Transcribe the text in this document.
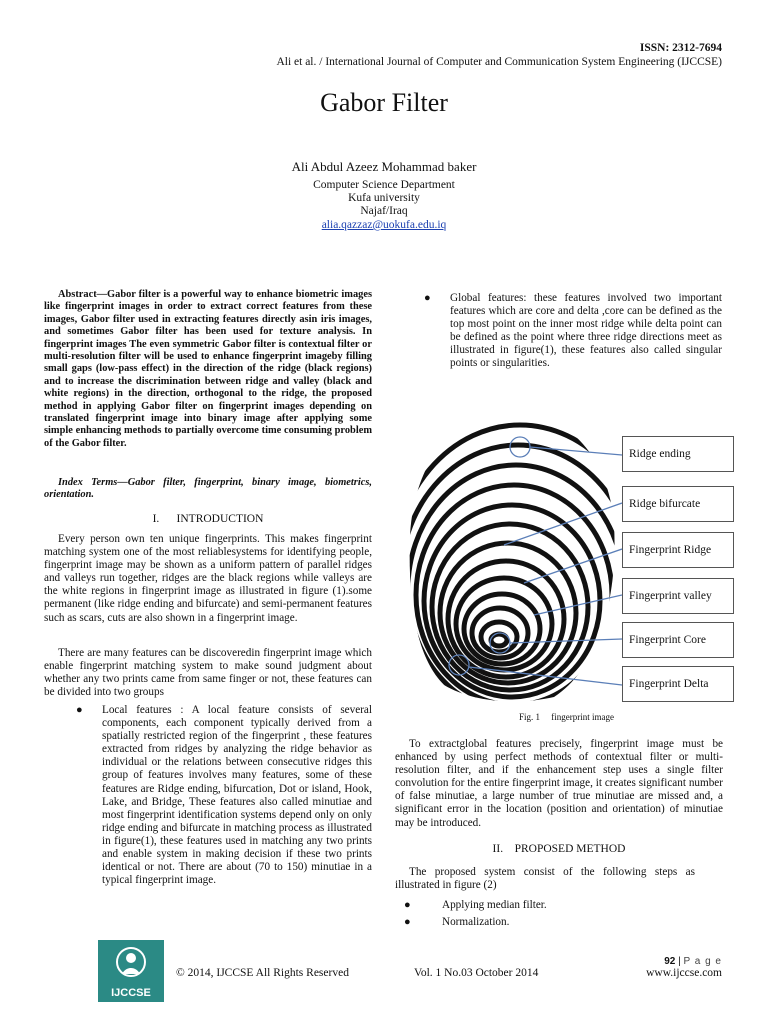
ISSN: 2312-7694
Ali et al. / International Journal of Computer and Communication System Engineering (IJCCSE)
Gabor Filter
Ali Abdul Azeez Mohammad baker
Computer Science Department
Kufa university
Najaf/Iraq
alia.qazzaz@uokufa.edu.iq
Abstract—Gabor filter is a powerful way to enhance biometric images like fingerprint images in order to extract correct features from these images, Gabor filter used in extracting features directly asin iris images, and sometimes Gabor filter has been used for texture analysis. In fingerprint images The even symmetric Gabor filter is contextual filter or multi-resolution filter will be used to enhance fingerprint imageby filling small gaps (low-pass effect) in the direction of the ridge (black regions) and to increase the discrimination between ridge and valley (black and white regions) in the direction, orthogonal to the ridge, the proposed method in applying Gabor filter on fingerprint images depending on translated fingerprint image into binary image after applying some simple enhancing methods to partially overcome time consuming problem of the Gabor filter.
Index Terms—Gabor filter, fingerprint, binary image, biometrics, orientation.
I.      INTRODUCTION
Every person own ten unique fingerprints. This makes fingerprint matching system one of the most reliablesystems for identifying people, fingerprint image may be shown as a uniform pattern of parallel ridges and valleys run together, ridges are the black regions while valleys are the white regions in fingerprint image as illustrated in figure (1).some permanent (like ridge ending and bifurcate) and semi-permanent features such as scars, cuts are also shown in a fingerprint image.
There are many features can be discoveredin fingerprint image which enable fingerprint matching system to make sound judgment about whether any two prints came from same finger or not, these features can be divided into two groups
● Local features : A local feature consists of several components, each component typically derived from a spatially restricted region of the fingerprint , these features extracted from ridges by analyzing the ridge behavior as individual or the relations between consecutive ridges this group of features involves many features, some of these features are Ridge ending, bifurcation, Dot or island, Hook, Lake, and Bridge, These features also called minutiae and most fingerprint identification systems depend only on only ridge ending and bifurcate in matching process as illustrated in figure(1), these features used in matching any two prints and enable system in making decision if these two prints identical or not. There are about (70 to 150) minutiae in a typical fingerprint image.
● Global features: these features involved two important features which are core and delta ,core can be defined as the top most point on the inner most ridge while delta point can be defined as the point where three ridge directions meet as illustrated in figure(1), these features also called singular points or singularities.
Ridge ending
Ridge bifurcate
Fingerprint Ridge
Fingerprint valley
Fingerprint Core
Fingerprint Delta
Fig. 1     fingerprint image
To extractglobal features precisely, fingerprint image must be enhanced by using perfect methods of contextual filter or multi-resolution filter, and if the enhancement step uses a single filter convolution for the entire fingerprint image, it creates significant number of false minutiae, a large number of true minutiae are missed and, a significant error in the location (position and orientation) of minutiae may be introduced.
II.    PROPOSED METHOD
The proposed system consist of the following steps as illustrated in figure (2)
●	Applying median filter.
●	Normalization.
IJCCSE
92 | P a g e
© 2014, IJCCSE All Rights Reserved	Vol. 1 No.03 October 2014	www.ijccse.com
